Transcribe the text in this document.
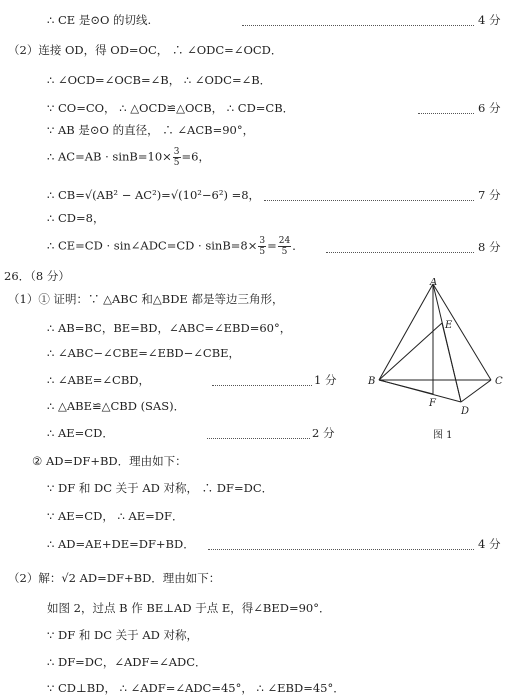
∴ CE 是⊙O 的切线.	4 分
（2）连接 OD，得 OD=OC， ∴ ∠ODC=∠OCD．
∴ ∠OCD=∠OCB=∠B， ∴ ∠ODC=∠B．
∵ CO=CO， ∴ △OCD≌△OCB， ∴ CD=CB．	6 分
∵ AB 是⊙O 的直径， ∴ ∠ACB=90°，
∴ $AC=AB \cdot \sin B=10\times \frac{3}{5} =6$，
∴ CB=√(AB² − AC²)=√(10²−6²) =8，	7 分
∴ CD=8，
∴ CE=CD · sin∠ADC=CD · $\sin B=8\times \frac{3}{5} = \frac{24}{5}$ ．	8 分
26．（8 分）
（1）① 证明：∵ △ABC 和△BDE 都是等边三角形，
∴ AB=BC，BE=BD，∠ABC=∠EBD=60°，
∴ ∠ABC−∠CBE=∠EBD−∠CBE，
∴ ∠ABE=∠CBD，	1 分
∴ △ABE≌△CBD (SAS)．
∴ AE=CD．	2 分
② AD=DF+BD．理由如下：
∵ DF 和 DC 关于 AD 对称， ∴ DF=DC．
∵ AE=CD， ∴ AE=DF．
∴ AD=AE+DE=DF+BD．	4 分
（2）解：√2 AD=DF+BD．理由如下：
如图 2，过点 B 作 BE⊥AD 于点 E，得∠BED=90°．
∵ DF 和 DC 关于 AD 对称，
∴ DF=DC，∠ADF=∠ADC．
∵ CD⊥BD， ∴ ∠ADF=∠ADC=45°， ∴ ∠EBD=45°．
A
E
B	C
F
D
图 1
